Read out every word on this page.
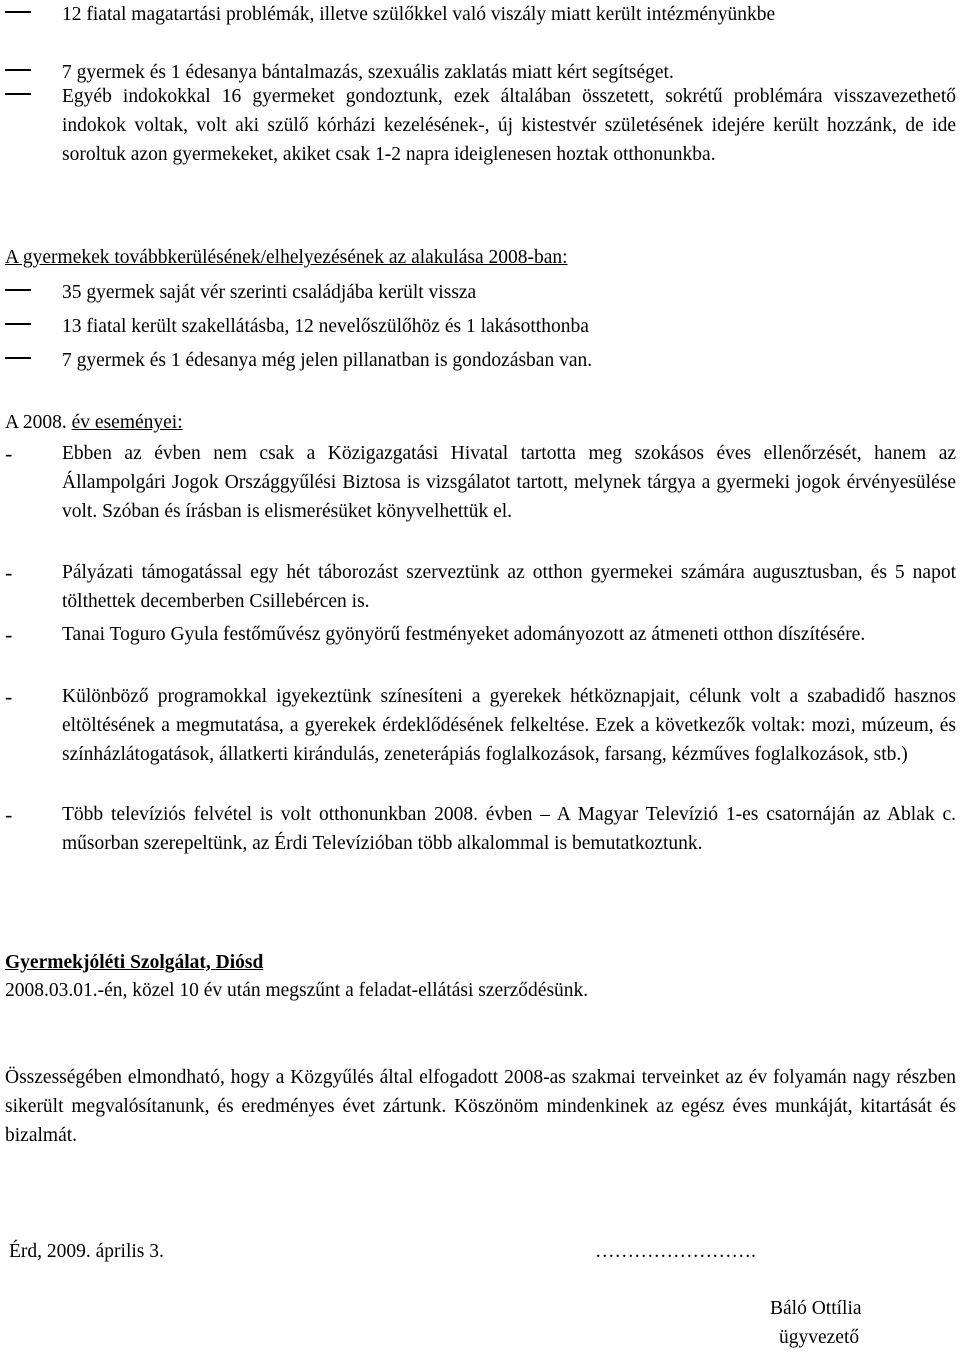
12 fiatal magatartási problémák, illetve szülőkkel való viszály miatt került intézményünkbe
7 gyermek és 1 édesanya bántalmazás, szexuális zaklatás miatt kért segítséget.
Egyéb indokokkal 16 gyermeket gondoztunk, ezek általában összetett, sokrétű problémára visszavezethető indokok voltak, volt aki szülő kórházi kezelésének-, új kistestvér születésének idejére került hozzánk, de ide soroltuk azon gyermekeket, akiket csak 1-2 napra ideiglenesen hoztak otthonunkba.

A gyermekek továbbkerülésének/elhelyezésének az alakulása 2008-ban:

35 gyermek saját vér szerinti családjába került vissza
13 fiatal került szakellátásba, 12 nevelőszülőhöz és 1 lakásotthonba
7 gyermek és 1 édesanya még jelen pillanatban is gondozásban van.

A 2008. év eseményei:

-	Ebben az évben nem csak a Közigazgatási Hivatal tartotta meg szokásos éves ellenőrzését, hanem az Állampolgári Jogok Országgyűlési Biztosa is vizsgálatot tartott, melynek tárgya a gyermeki jogok érvényesülése volt. Szóban és írásban is elismerésüket könyvelhettük el.
-	Pályázati támogatással egy hét táborozást szerveztünk az otthon gyermekei számára augusztusban, és 5 napot tölthettek decemberben Csillebércen is.
-	Tanai Toguro Gyula festőművész gyönyörű festményeket adományozott az átmeneti otthon díszítésére.
-	Különböző programokkal igyekeztünk színesíteni a gyerekek hétköznapjait, célunk volt a szabadidő hasznos eltöltésének a megmutatása, a gyerekek érdeklődésének felkeltése. Ezek a következők voltak: mozi, múzeum, és színházlátogatások, állatkerti kirándulás, zeneterápiás foglalkozások, farsang, kézműves foglalkozások, stb.)
-	Több televíziós felvétel is volt otthonunkban 2008. évben – A Magyar Televízió 1-es csatornáján az Ablak c. műsorban szerepeltünk, az Érdi Televízióban több alkalommal is bemutatkoztunk.

Gyermekjóléti Szolgálat, Diósd

2008.03.01.-én, közel 10 év után megszűnt a feladat-ellátási szerződésünk.

Összességében elmondható, hogy a Közgyűlés által elfogadott 2008-as szakmai terveinket az év folyamán nagy részben sikerült megvalósítanunk, és eredményes évet zártunk. Köszönöm mindenkinek az egész éves munkáját, kitartását és bizalmát.

Érd, 2009. április 3.	…………………….

Báló Ottília

ügyvezető
